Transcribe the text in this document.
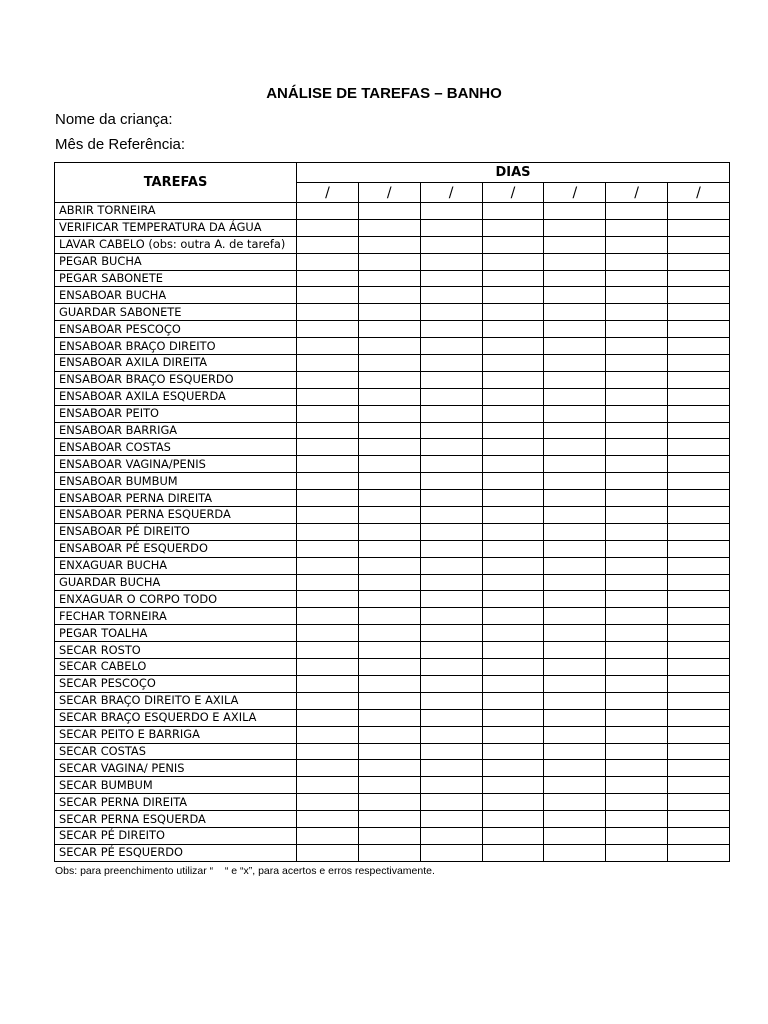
ANÁLISE DE TAREFAS – BANHO
Nome da criança:
Mês de Referência:
TAREFAS	DIAS						
	/	/	/	/	/	/	/
ABRIR TORNEIRA							
VERIFICAR TEMPERATURA DA ÁGUA							
LAVAR CABELO (obs: outra A. de tarefa)							
PEGAR BUCHA							
PEGAR SABONETE							
ENSABOAR BUCHA							
GUARDAR SABONETE							
ENSABOAR PESCOÇO							
ENSABOAR BRAÇO DIREITO							
ENSABOAR AXILA DIREITA							
ENSABOAR BRAÇO ESQUERDO							
ENSABOAR AXILA ESQUERDA							
ENSABOAR PEITO							
ENSABOAR BARRIGA							
ENSABOAR COSTAS							
ENSABOAR VAGINA/PENIS							
ENSABOAR BUMBUM							
ENSABOAR PERNA DIREITA							
ENSABOAR PERNA ESQUERDA							
ENSABOAR PÉ DIREITO							
ENSABOAR PÉ ESQUERDO							
ENXAGUAR BUCHA							
GUARDAR BUCHA							
ENXAGUAR O CORPO TODO							
FECHAR TORNEIRA							
PEGAR TOALHA							
SECAR ROSTO							
SECAR CABELO							
SECAR PESCOÇO							
SECAR BRAÇO DIREITO E AXILA							
SECAR BRAÇO ESQUERDO E AXILA							
SECAR PEITO E BARRIGA							
SECAR COSTAS							
SECAR VAGINA/ PENIS							
SECAR BUMBUM							
SECAR PERNA DIREITA							
SECAR PERNA ESQUERDA							
SECAR PÉ DIREITO							
SECAR PÉ ESQUERDO							
Obs: para preenchimento utilizar “    “ e “x”, para acertos e erros respectivamente.
